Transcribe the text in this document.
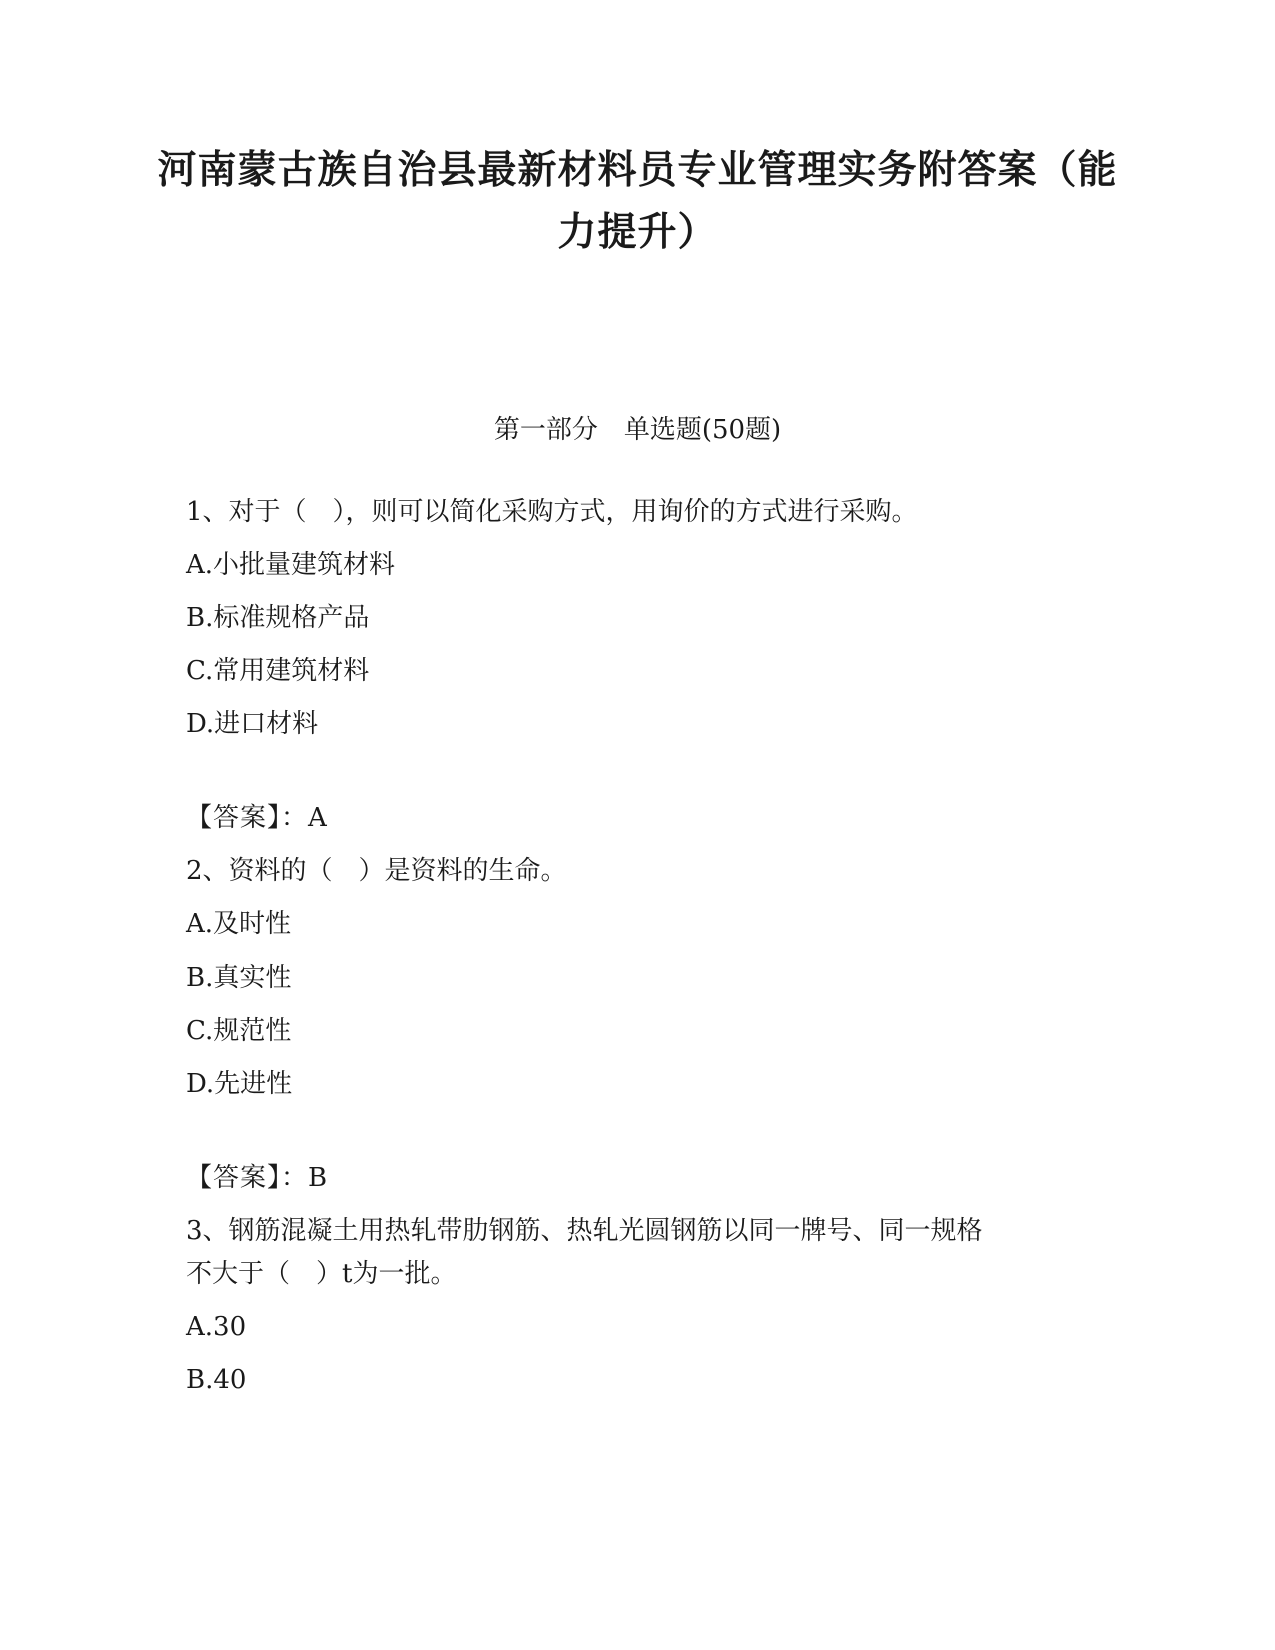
河南蒙古族自治县最新材料员专业管理实务附答案（能力提升）

第一部分　单选题(50题)

1、对于（　），则可以简化采购方式，用询价的方式进行采购。

A.小批量建筑材料

B.标准规格产品

C.常用建筑材料

D.进口材料

【答案】：A

2、资料的（　）是资料的生命。

A.及时性

B.真实性

C.规范性

D.先进性

【答案】：B

3、钢筋混凝土用热轧带肋钢筋、热轧光圆钢筋以同一牌号、同一规格

不大于（　）t为一批。

A.30

B.40
